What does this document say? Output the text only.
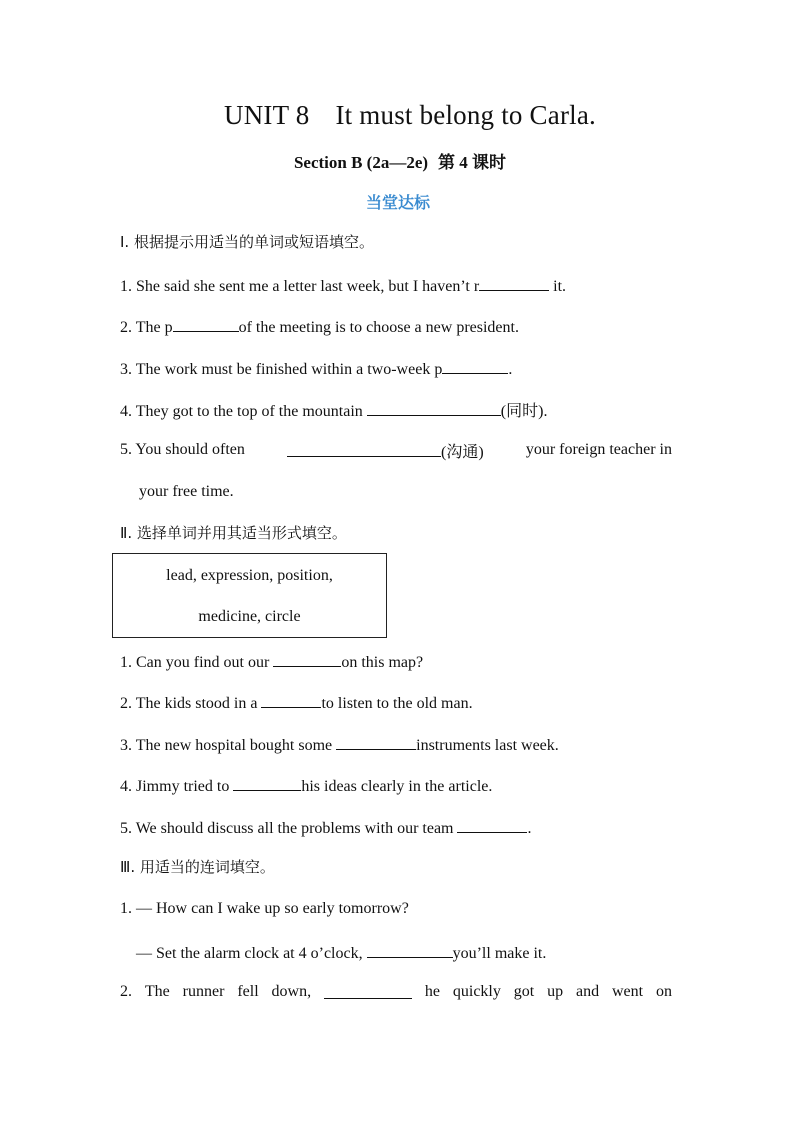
UNIT 8 It must belong to Carla.
Section B (2a—2e) 第 4 课时
当堂达标
Ⅰ. 根据提示用适当的单词或短语填空。
1. She said she sent me a letter last week, but I haven’t r	it.
2. The p	of the meeting is to choose a new president.
3. The work must be finished within a two-week p	.
4. They got to the top of the mountain	(同时).
5. You should often	(沟通)	your foreign teacher in
your free time.
Ⅱ. 选择单词并用其适当形式填空。
lead, expression, position,
medicine, circle
1. Can you find out our	on this map?
2. The kids stood in a	to listen to the old man.
3. The new hospital bought some	instruments last week.
4. Jimmy tried to	his ideas clearly in the article.
5. We should discuss all the problems with our team	.
Ⅲ. 用适当的连词填空。
1. — How can I wake up so early tomorrow?
— Set the alarm clock at 4 o’clock,	you’ll make it.
2. The runner fell down,	he quickly got up and went on
